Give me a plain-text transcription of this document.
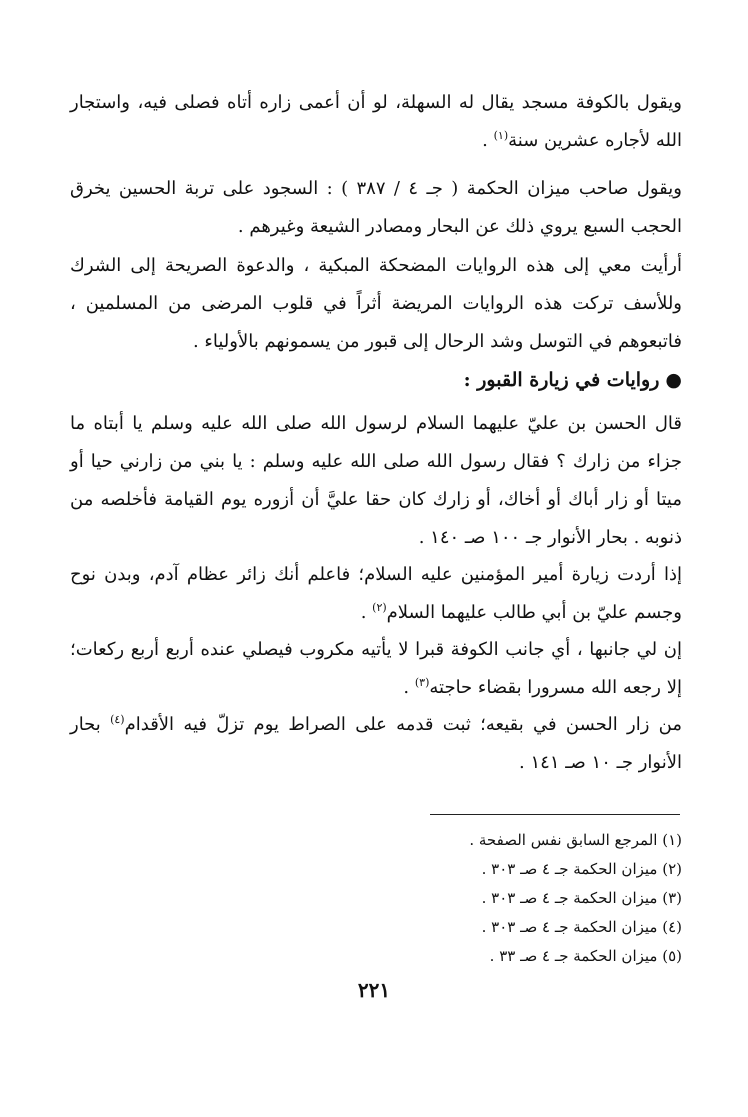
ويقول بالكوفة مسجد يقال له السهلة، لو أن أعمى زاره أتاه فصلى فيه، واستجار الله لأجاره عشرين سنة$^{(١)}$ .

ويقول صاحب ميزان الحكمة ( جـ ٤ / ٣٨٧ ) : السجود على تربة الحسين يخرق الحجب السبع يروي ذلك عن البحار ومصادر الشيعة وغيرهم .

أرأيت معي إلى هذه الروايات المضحكة المبكية ، والدعوة الصريحة إلى الشرك وللأسف تركت هذه الروايات المريضة أثراً في قلوب المرضى من المسلمين ، فاتبعوهم في التوسل وشد الرحال إلى قبور من يسمونهم بالأولياء .

●روايات في زيارة القبور :

قال الحسن بن عليّ عليهما السلام لرسول الله صلى الله عليه وسلم يا أبتاه ما جزاء من زارك ؟ فقال رسول الله صلى الله عليه وسلم : يا بني من زارني حيا أو ميتا أو زار أباك أو أخاك، أو زارك كان حقا عليَّ أن أزوره يوم القيامة فأخلصه من ذنوبه . بحار الأنوار جـ ١٠٠ صـ ١٤٠ .

إذا أردت زيارة أمير المؤمنين عليه السلام؛ فاعلم أنك زائر عظام آدم، وبدن نوح وجسم عليّ بن أبي طالب عليهما السلام$^{(٢)}$ .

إن لي جانبها ، أي جانب الكوفة قبرا لا يأتيه مكروب فيصلي عنده أربع أربع ركعات؛ إلا رجعه الله مسرورا بقضاء حاجته$^{(٣)}$ .

من زار الحسن في بقيعه؛ ثبت قدمه على الصراط يوم تزلّ فيه الأقدام$^{(٤)}$ بحار الأنوار جـ ١٠ صـ ١٤١ .

(١) المرجع السابق نفس الصفحة .
(٢) ميزان الحكمة جـ ٤ صـ ٣٠٣ .
(٣) ميزان الحكمة جـ ٤ صـ ٣٠٣ .
(٤) ميزان الحكمة جـ ٤ صـ ٣٠٣ .
(٥) ميزان الحكمة جـ ٤ صـ ٣٣ .
٢٢١
